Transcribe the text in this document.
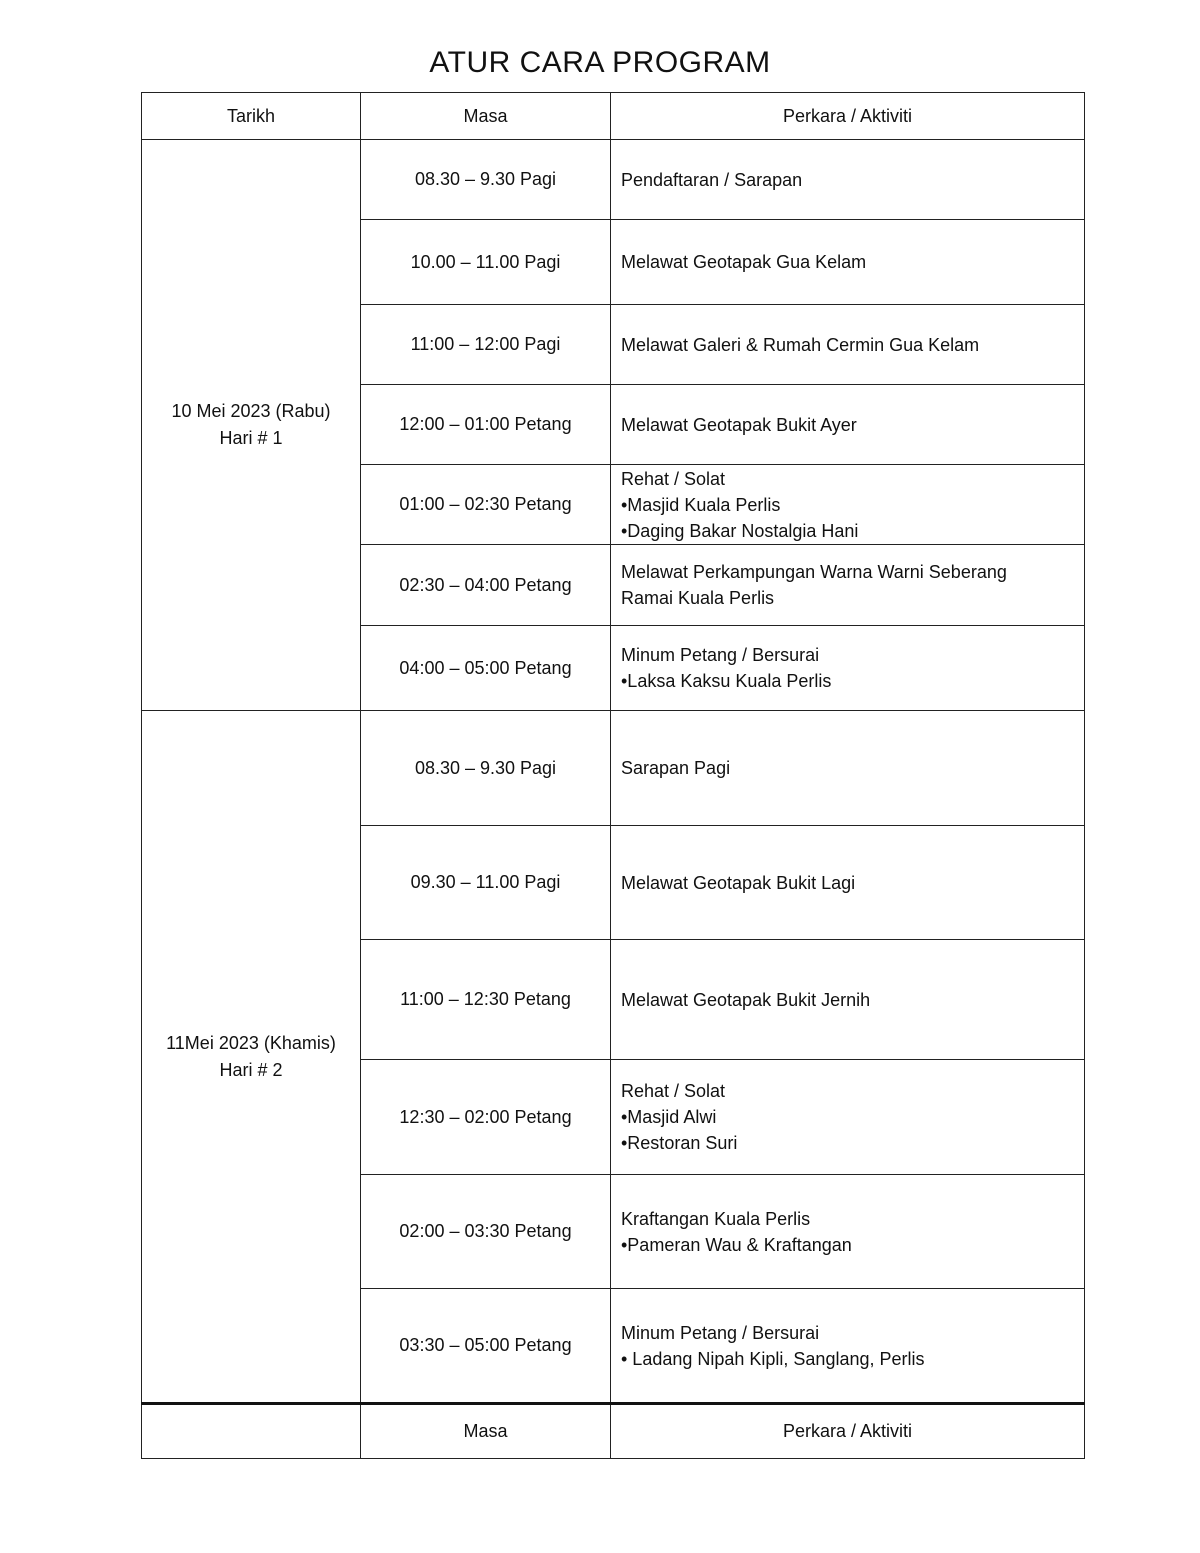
ATUR CARA PROGRAM
Tarikh	Masa	Perkara / Aktiviti

10 Mei 2023 (Rabu)
Hari # 1	08.30 – 9.30 Pagi	Pendaftaran / Sarapan

	10.00 – 11.00 Pagi	Melawat Geotapak Gua Kelam

	11:00 – 12:00 Pagi	Melawat Galeri & Rumah Cermin Gua Kelam

	12:00 – 01:00 Petang	Melawat Geotapak Bukit Ayer

	01:00 – 02:30 Petang	Rehat / Solat
•Masjid Kuala Perlis
•Daging Bakar Nostalgia Hani

	02:30 – 04:00 Petang	Melawat Perkampungan Warna Warni Seberang
Ramai Kuala Perlis

	04:00 – 05:00 Petang	Minum Petang / Bersurai
•Laksa Kaksu Kuala Perlis

11Mei 2023 (Khamis)
Hari # 2	08.30 – 9.30 Pagi	Sarapan Pagi

	09.30 – 11.00 Pagi	Melawat Geotapak Bukit Lagi

	11:00 – 12:30 Petang	Melawat Geotapak Bukit Jernih

	12:30 – 02:00 Petang	Rehat / Solat
•Masjid Alwi
•Restoran Suri

	02:00 – 03:30 Petang	Kraftangan Kuala Perlis
•Pameran Wau & Kraftangan

	03:30 – 05:00 Petang	Minum Petang / Bersurai
• Ladang Nipah Kipli, Sanglang, Perlis

	Masa	Perkara / Aktiviti
